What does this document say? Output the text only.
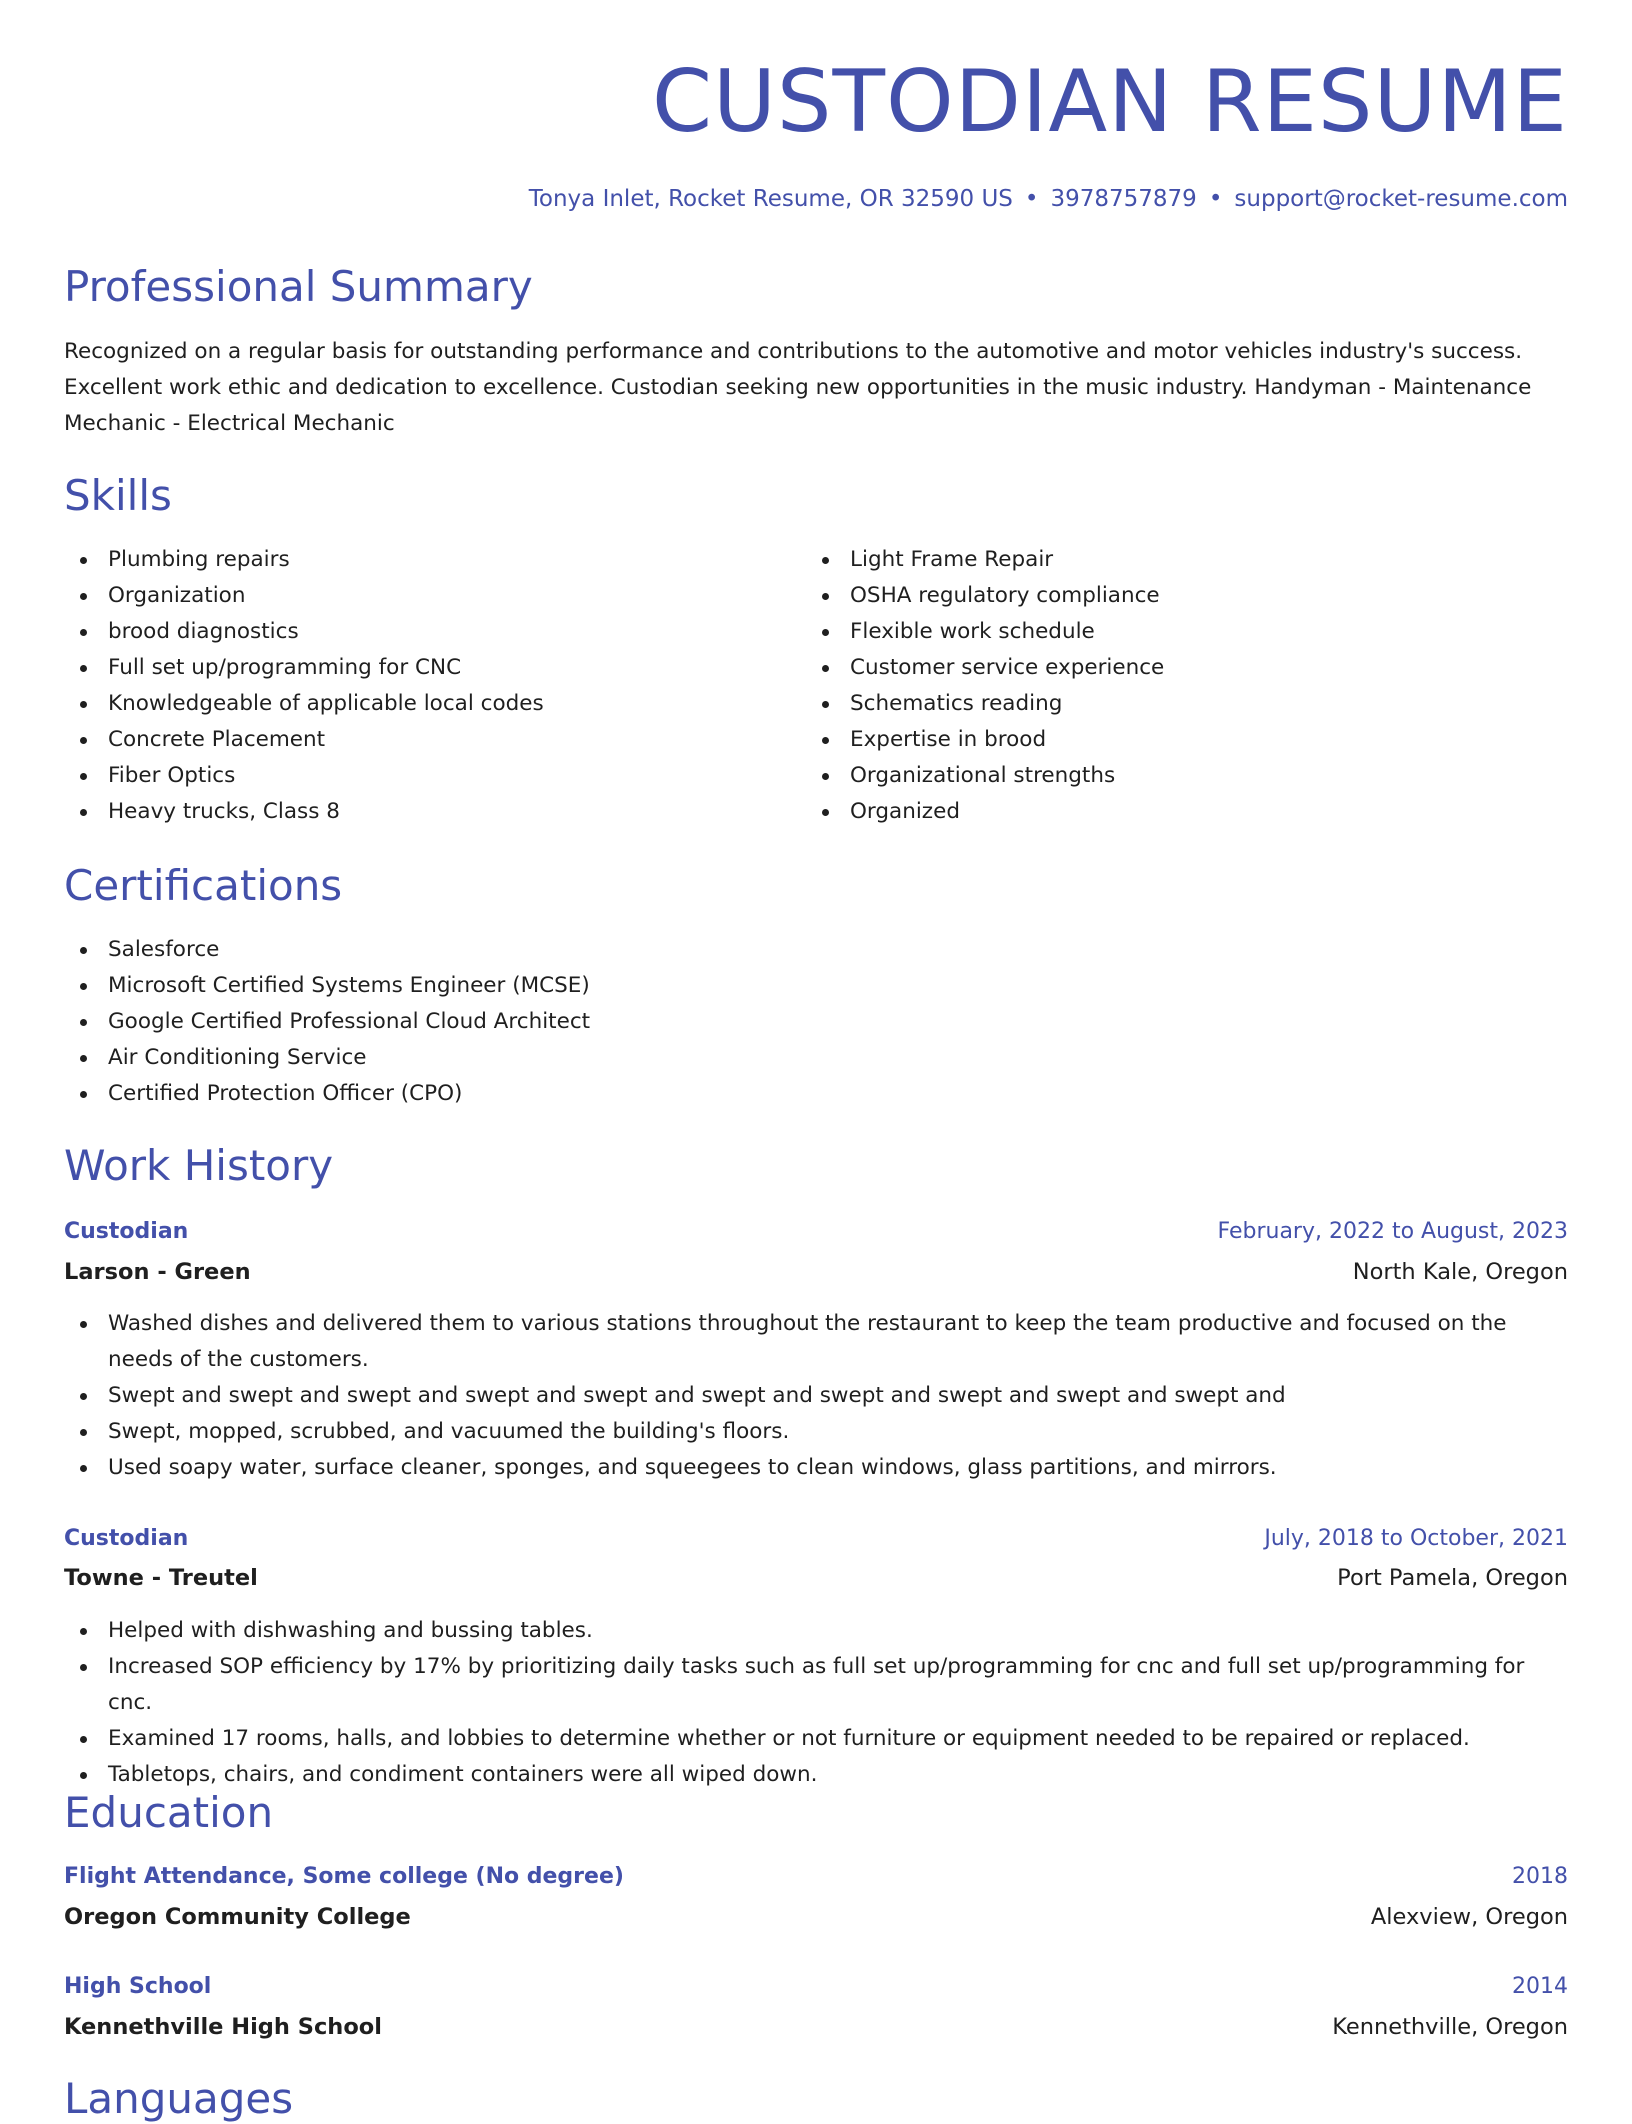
CUSTODIAN RESUME
Tonya Inlet, Rocket Resume, OR 32590 US • 3978757879 • support@rocket-resume.com
Professional Summary

Recognized on a regular basis for outstanding performance and contributions to the automotive and motor vehicles industry's success. Excellent work ethic and dedication to excellence. Custodian seeking new opportunities in the music industry. Handyman - Maintenance Mechanic - Electrical Mechanic

Skills
Plumbing repairs
Organization
brood diagnostics
Full set up/programming for CNC
Knowledgeable of applicable local codes
Concrete Placement
Fiber Optics
Heavy trucks, Class 8
Light Frame Repair
OSHA regulatory compliance
Flexible work schedule
Customer service experience
Schematics reading
Expertise in brood
Organizational strengths
Organized
Certifications
Salesforce
Microsoft Certified Systems Engineer (MCSE)
Google Certified Professional Cloud Architect
Air Conditioning Service
Certified Protection Officer (CPO)
Work History
Custodian	February, 2022 to August, 2023
Larson - Green	North Kale, Oregon
Washed dishes and delivered them to various stations throughout the restaurant to keep the team productive and focused on the needs of the customers.
Swept and swept and swept and swept and swept and swept and swept and swept and swept and swept and
Swept, mopped, scrubbed, and vacuumed the building's floors.
Used soapy water, surface cleaner, sponges, and squeegees to clean windows, glass partitions, and mirrors.
Custodian	July, 2018 to October, 2021
Towne - Treutel	Port Pamela, Oregon
Helped with dishwashing and bussing tables.
Increased SOP efficiency by 17% by prioritizing daily tasks such as full set up/programming for cnc and full set up/programming for cnc.
Examined 17 rooms, halls, and lobbies to determine whether or not furniture or equipment needed to be repaired or replaced.
Tabletops, chairs, and condiment containers were all wiped down.
Education
Flight Attendance, Some college (No degree)	2018
Oregon Community College	Alexview, Oregon
High School	2014
Kennethville High School	Kennethville, Oregon
Languages
